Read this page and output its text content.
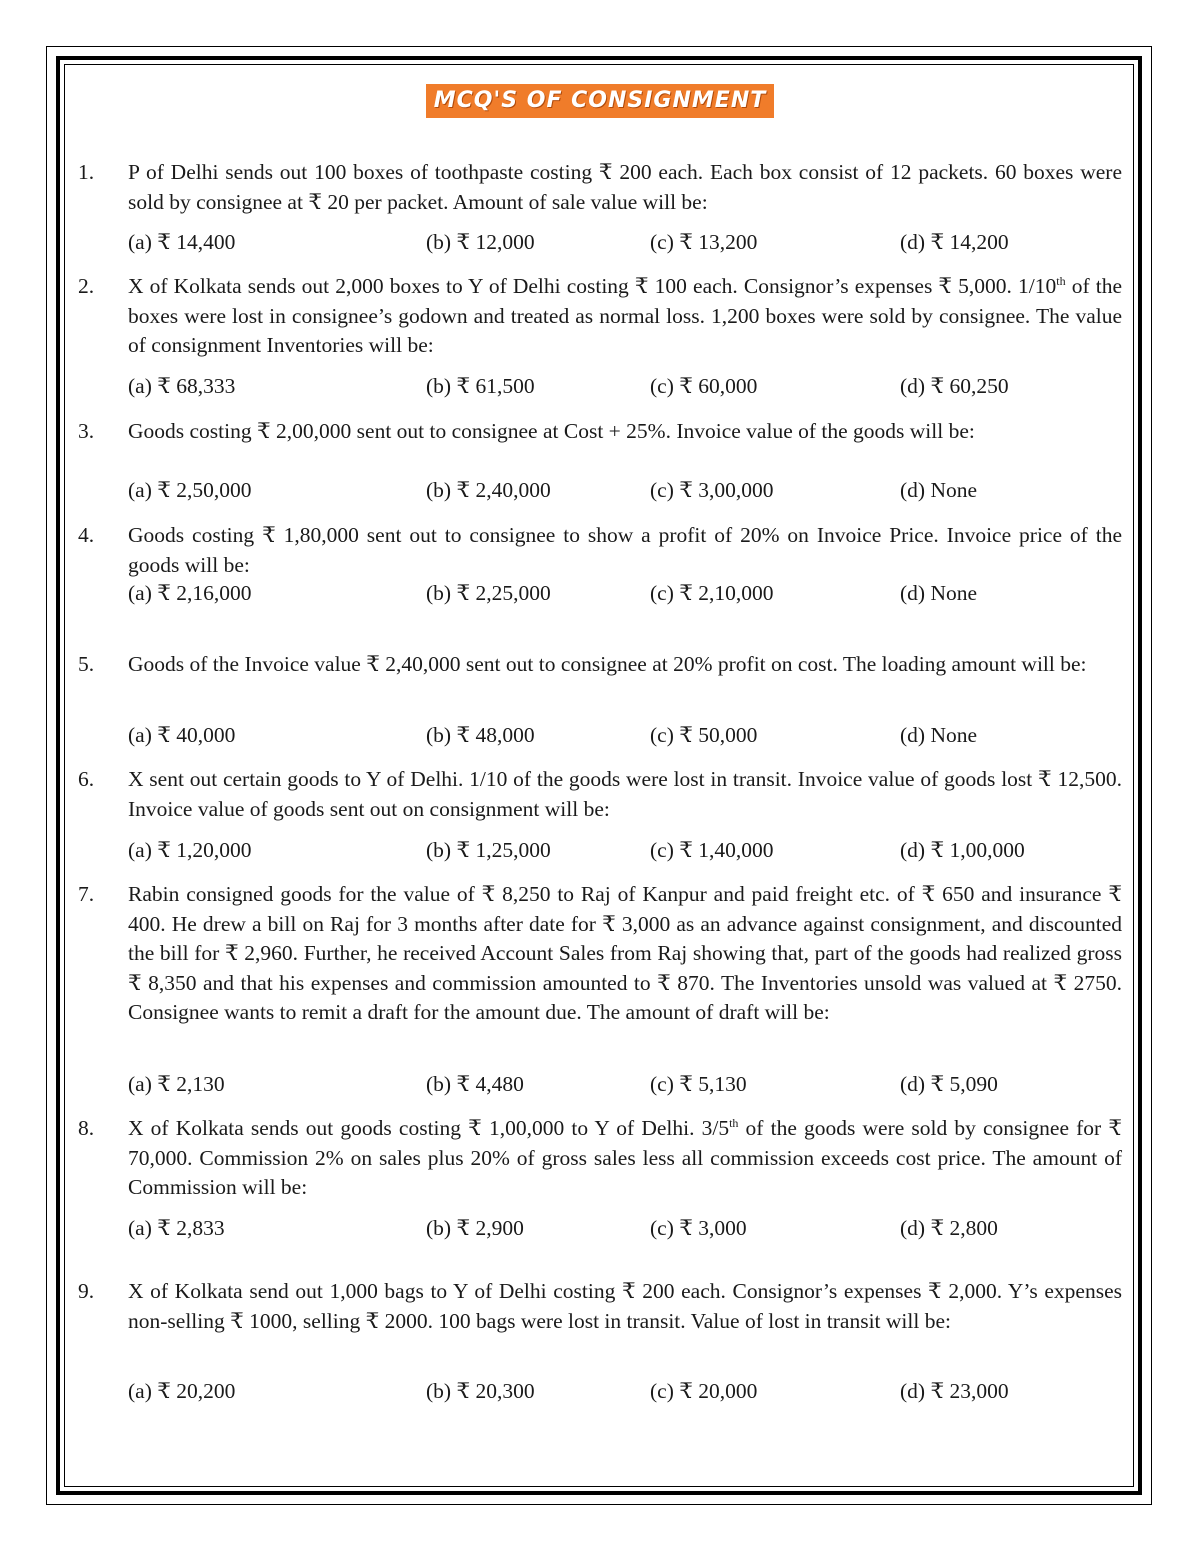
MCQ'S OF CONSIGNMENT
1.	P of Delhi sends out 100 boxes of toothpaste costing ₹ 200 each. Each box consist of 12 packets. 60 boxes were sold by consignee at ₹ 20 per packet. Amount of sale value will be:
(a) ₹ 14,400	(b) ₹ 12,000	(c) ₹ 13,200	(d) ₹ 14,200
2.	X of Kolkata sends out 2,000 boxes to Y of Delhi costing ₹ 100 each. Consignor’s expenses ₹ 5,000. 1/10th of the boxes were lost in consignee’s godown and treated as normal loss. 1,200 boxes were sold by consignee. The value of consignment Inventories will be:
(a) ₹ 68,333	(b) ₹ 61,500	(c) ₹ 60,000	(d) ₹ 60,250
3.	Goods costing ₹ 2,00,000 sent out to consignee at Cost + 25%. Invoice value of the goods will be:
(a) ₹ 2,50,000	(b) ₹ 2,40,000	(c) ₹ 3,00,000	(d) None
4.	Goods costing ₹ 1,80,000 sent out to consignee to show a profit of 20% on Invoice Price. Invoice price of the goods will be:
(a) ₹ 2,16,000	(b) ₹ 2,25,000	(c) ₹ 2,10,000	(d) None
5.	Goods of the Invoice value ₹ 2,40,000 sent out to consignee at 20% profit on cost. The loading amount will be:
(a) ₹ 40,000	(b) ₹ 48,000	(c) ₹ 50,000	(d) None
6.	X sent out certain goods to Y of Delhi. 1/10 of the goods were lost in transit. Invoice value of goods lost ₹ 12,500. Invoice value of goods sent out on consignment will be:
(a) ₹ 1,20,000	(b) ₹ 1,25,000	(c) ₹ 1,40,000	(d) ₹ 1,00,000
7.	Rabin consigned goods for the value of ₹ 8,250 to Raj of Kanpur and paid freight etc. of ₹ 650 and insurance ₹ 400. He drew a bill on Raj for 3 months after date for ₹ 3,000 as an advance against consignment, and discounted the bill for ₹ 2,960. Further, he received Account Sales from Raj showing that, part of the goods had realized gross ₹ 8,350 and that his expenses and commission amounted to ₹ 870. The Inventories unsold was valued at ₹ 2750. Consignee wants to remit a draft for the amount due. The amount of draft will be:
(a) ₹ 2,130	(b) ₹ 4,480	(c) ₹ 5,130	(d) ₹ 5,090
8.	X of Kolkata sends out goods costing ₹ 1,00,000 to Y of Delhi. 3/5th of the goods were sold by consignee for ₹ 70,000. Commission 2% on sales plus 20% of gross sales less all commission exceeds cost price. The amount of Commission will be:
(a) ₹ 2,833	(b) ₹ 2,900	(c) ₹ 3,000	(d) ₹ 2,800
9.	X of Kolkata send out 1,000 bags to Y of Delhi costing ₹ 200 each. Consignor’s expenses ₹ 2,000. Y’s expenses non-selling ₹ 1000, selling ₹ 2000. 100 bags were lost in transit. Value of lost in transit will be:
(a) ₹ 20,200	(b) ₹ 20,300	(c) ₹ 20,000	(d) ₹ 23,000
